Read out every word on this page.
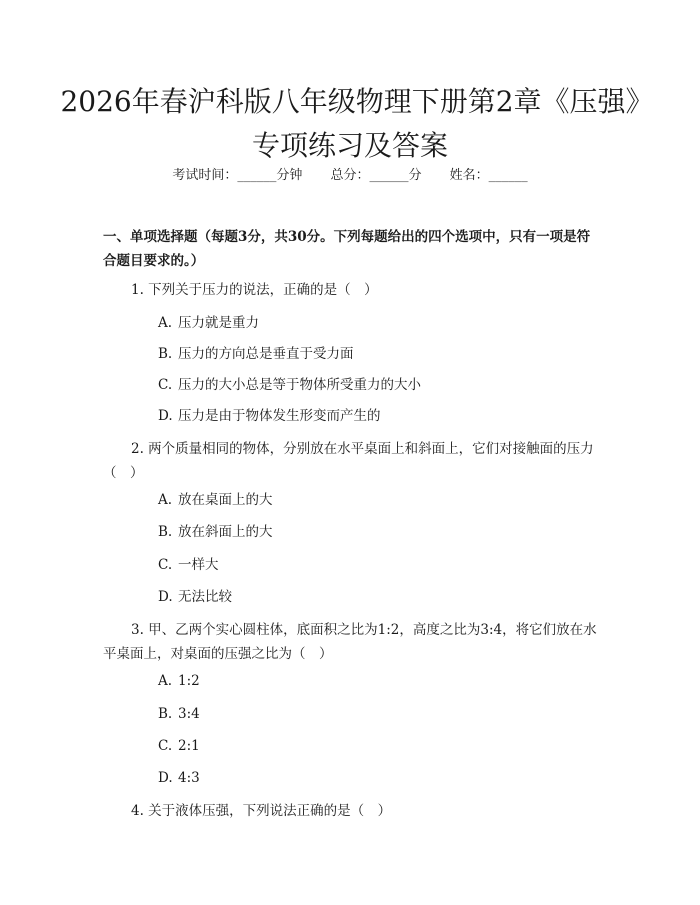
2026年春沪科版八年级物理下册第2章《压强》专项练习及答案
考试时间：______分钟 总分：______分 姓名：______

一、单项选择题（每题3分，共30分。下列每题给出的四个选项中，只有一项是符合题目要求的。）

1. 下列关于压力的说法，正确的是（　）

A. 压力就是重力
B. 压力的方向总是垂直于受力面
C. 压力的大小总是等于物体所受重力的大小
D. 压力是由于物体发生形变而产生的

2. 两个质量相同的物体，分别放在水平桌面上和斜面上，它们对接触面的压力（　）

A. 放在桌面上的大
B. 放在斜面上的大
C. 一样大
D. 无法比较

3. 甲、乙两个实心圆柱体，底面积之比为1:2，高度之比为3:4，将它们放在水平桌面上，对桌面的压强之比为（　）

A. 1:2
B. 3:4
C. 2:1
D. 4:3

4. 关于液体压强，下列说法正确的是（　）
